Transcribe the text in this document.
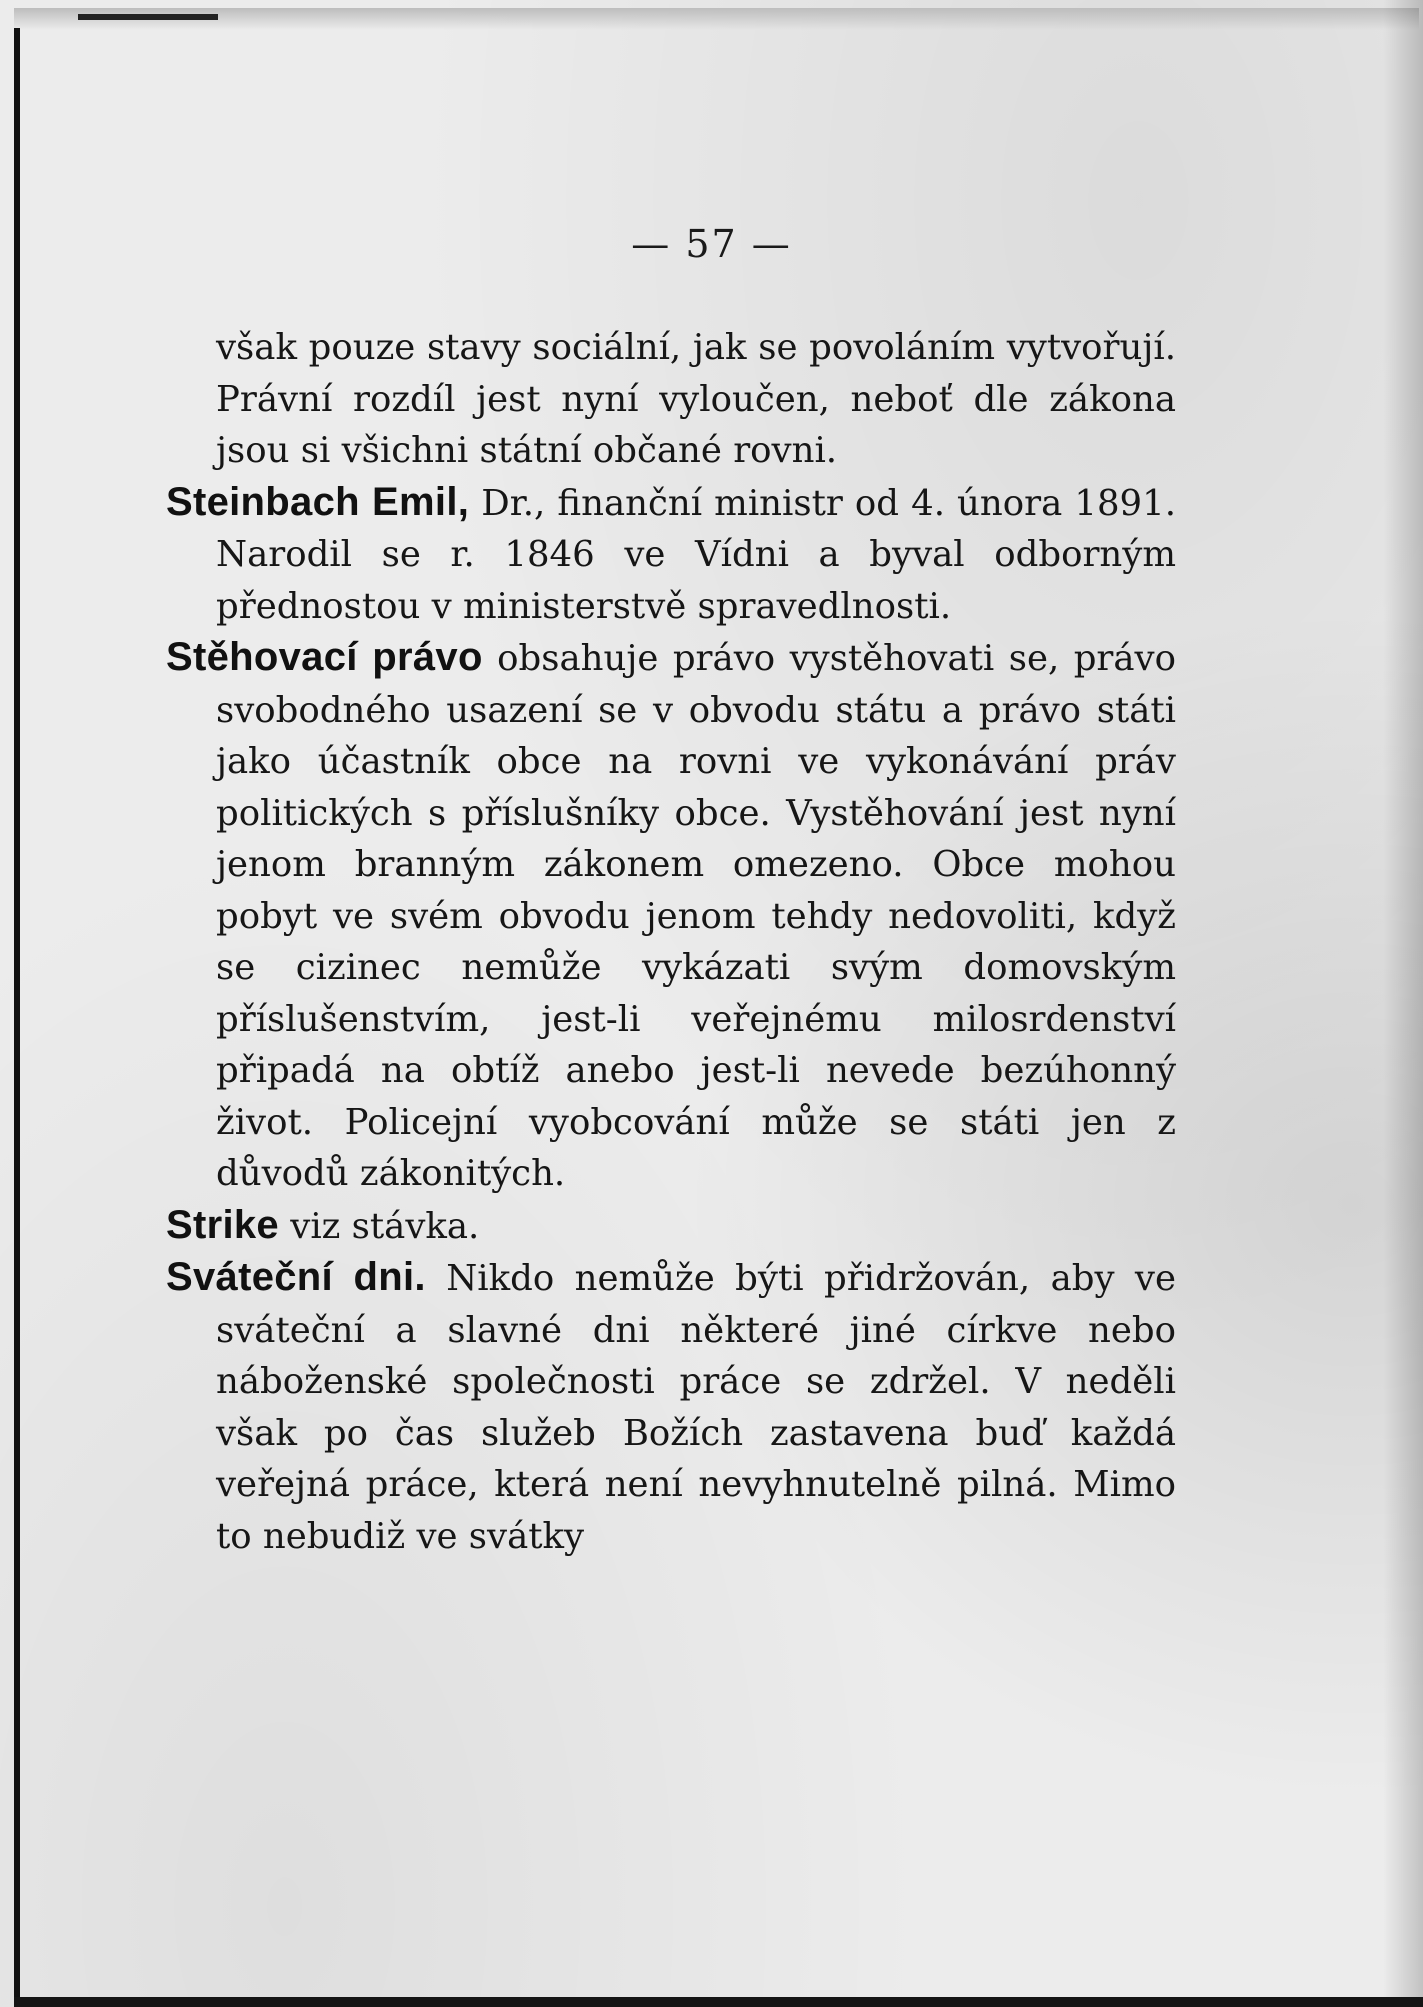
— 57 —

však pouze stavy sociální, jak se povoláním vytvořují. Právní rozdíl jest nyní vyloučen, neboť dle zákona jsou si všichni státní občané rovni.

Steinbach Emil, Dr., finanční ministr od 4. února 1891. Narodil se r. 1846 ve Vídni a byval odborným přednostou v ministerstvě spravedlnosti.

Stěhovací právo obsahuje právo vystěhovati se, právo svobodného usazení se v obvodu státu a právo státi jako účastník obce na rovni ve vykonávání práv politických s příslušníky obce. Vystěhování jest nyní jenom branným zákonem omezeno. Obce mohou pobyt ve svém obvodu jenom tehdy nedovoliti, když se cizinec nemůže vykázati svým domovským příslušenstvím, jest-li veřejnému milosrdenství připadá na obtíž anebo jest-li nevede bezúhonný život. Policejní vyobcování může se státi jen z důvodů zákonitých.

Strike viz stávka.

Sváteční dni. Nikdo nemůže býti přidržován, aby ve sváteční a slavné dni některé jiné církve nebo náboženské společnosti práce se zdržel. V neděli však po čas služeb Božích zastavena buď každá veřejná práce, která není nevyhnutelně pilná. Mimo to nebudiž ve svátky
